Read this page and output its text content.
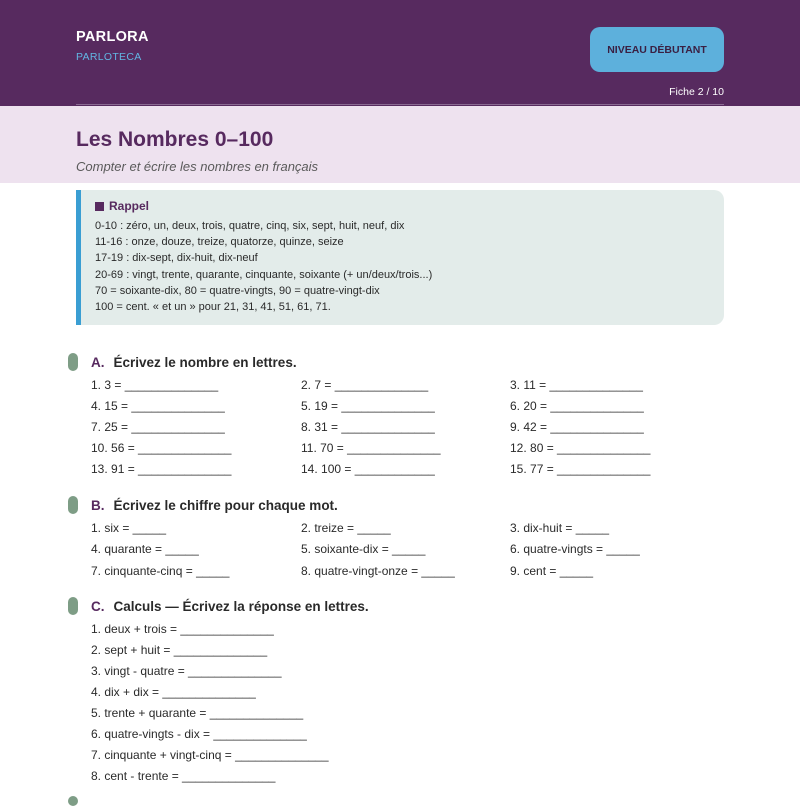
PARLORA
PARLOTECA
NIVEAU DÉBUTANT
Fiche 2 / 10
Les Nombres 0–100
Compter et écrire les nombres en français
Rappel
0-10 : zéro, un, deux, trois, quatre, cinq, six, sept, huit, neuf, dix
11-16 : onze, douze, treize, quatorze, quinze, seize
17-19 : dix-sept, dix-huit, dix-neuf
20-69 : vingt, trente, quarante, cinquante, soixante (+ un/deux/trois...)
70 = soixante-dix, 80 = quatre-vingts, 90 = quatre-vingt-dix
100 = cent. « et un » pour 21, 31, 41, 51, 61, 71.
A. Écrivez le nombre en lettres.
1. 3 = ______________	2. 7 = ______________	3. 11 = ______________
4. 15 = ______________	5. 19 = ______________	6. 20 = ______________
7. 25 = ______________	8. 31 = ______________	9. 42 = ______________
10. 56 = ______________	11. 70 = ______________	12. 80 = ______________
13. 91 = ______________	14. 100 = ____________	15. 77 = ______________
B. Écrivez le chiffre pour chaque mot.
1. six = _____	2. treize = _____	3. dix-huit = _____
4. quarante = _____	5. soixante-dix = _____	6. quatre-vingts = _____
7. cinquante-cinq = _____	8. quatre-vingt-onze = _____	9. cent = _____
C. Calculs — Écrivez la réponse en lettres.
1. deux + trois = ______________
2. sept + huit = ______________
3. vingt - quatre = ______________
4. dix + dix = ______________
5. trente + quarante = ______________
6. quatre-vingts - dix = ______________
7. cinquante + vingt-cinq = ______________
8. cent - trente = ______________
